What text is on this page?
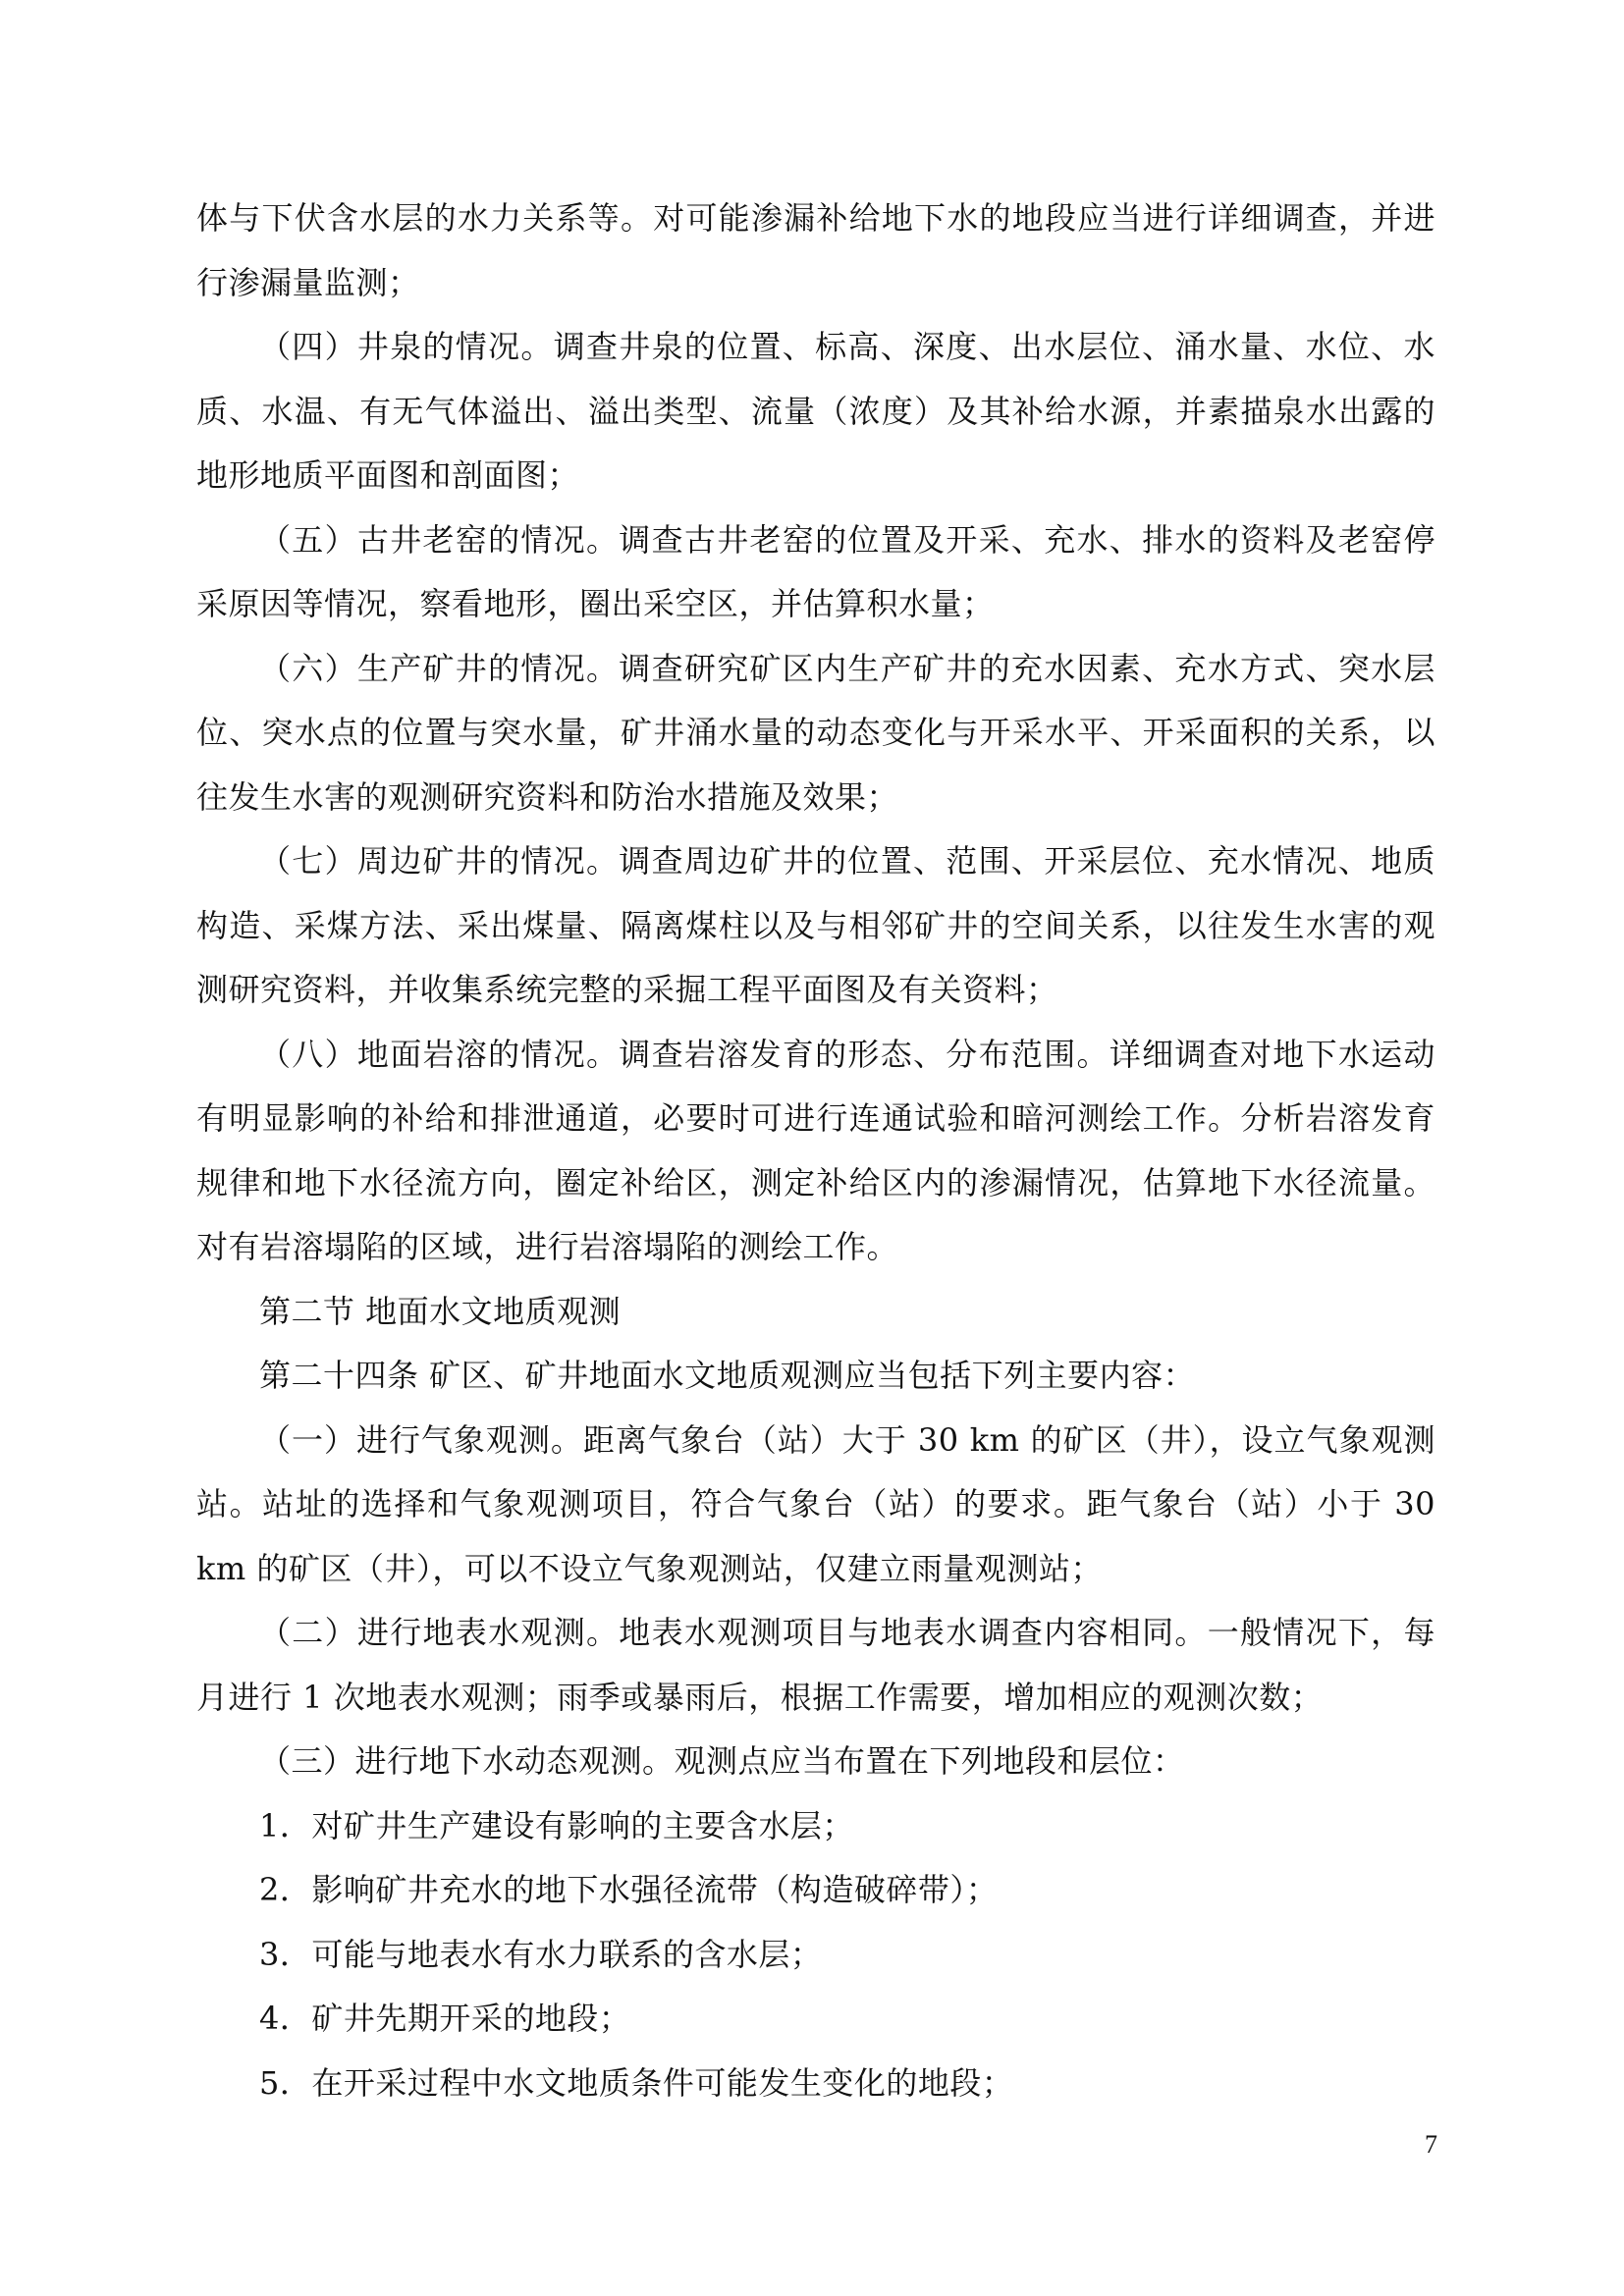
体与下伏含水层的水力关系等。对可能渗漏补给地下水的地段应当进行详细调查，并进行渗漏量监测；

（四）井泉的情况。调查井泉的位置、标高、深度、出水层位、涌水量、水位、水质、水温、有无气体溢出、溢出类型、流量（浓度）及其补给水源，并素描泉水出露的地形地质平面图和剖面图；

（五）古井老窑的情况。调查古井老窑的位置及开采、充水、排水的资料及老窑停采原因等情况，察看地形，圈出采空区，并估算积水量；

（六）生产矿井的情况。调查研究矿区内生产矿井的充水因素、充水方式、突水层位、突水点的位置与突水量，矿井涌水量的动态变化与开采水平、开采面积的关系，以往发生水害的观测研究资料和防治水措施及效果；

（七）周边矿井的情况。调查周边矿井的位置、范围、开采层位、充水情况、地质构造、采煤方法、采出煤量、隔离煤柱以及与相邻矿井的空间关系，以往发生水害的观测研究资料，并收集系统完整的采掘工程平面图及有关资料；

（八）地面岩溶的情况。调查岩溶发育的形态、分布范围。详细调查对地下水运动有明显影响的补给和排泄通道，必要时可进行连通试验和暗河测绘工作。分析岩溶发育规律和地下水径流方向，圈定补给区，测定补给区内的渗漏情况，估算地下水径流量。对有岩溶塌陷的区域，进行岩溶塌陷的测绘工作。

第二节 地面水文地质观测

第二十四条 矿区、矿井地面水文地质观测应当包括下列主要内容：

（一）进行气象观测。距离气象台（站）大于 30 km 的矿区（井），设立气象观测站。站址的选择和气象观测项目，符合气象台（站）的要求。距气象台（站）小于 30 km 的矿区（井），可以不设立气象观测站，仅建立雨量观测站；

（二）进行地表水观测。地表水观测项目与地表水调查内容相同。一般情况下，每月进行 1 次地表水观测；雨季或暴雨后，根据工作需要，增加相应的观测次数；

（三）进行地下水动态观测。观测点应当布置在下列地段和层位：

1．对矿井生产建设有影响的主要含水层；

2．影响矿井充水的地下水强径流带（构造破碎带）；

3．可能与地表水有水力联系的含水层；

4．矿井先期开采的地段；

5．在开采过程中水文地质条件可能发生变化的地段；

7
